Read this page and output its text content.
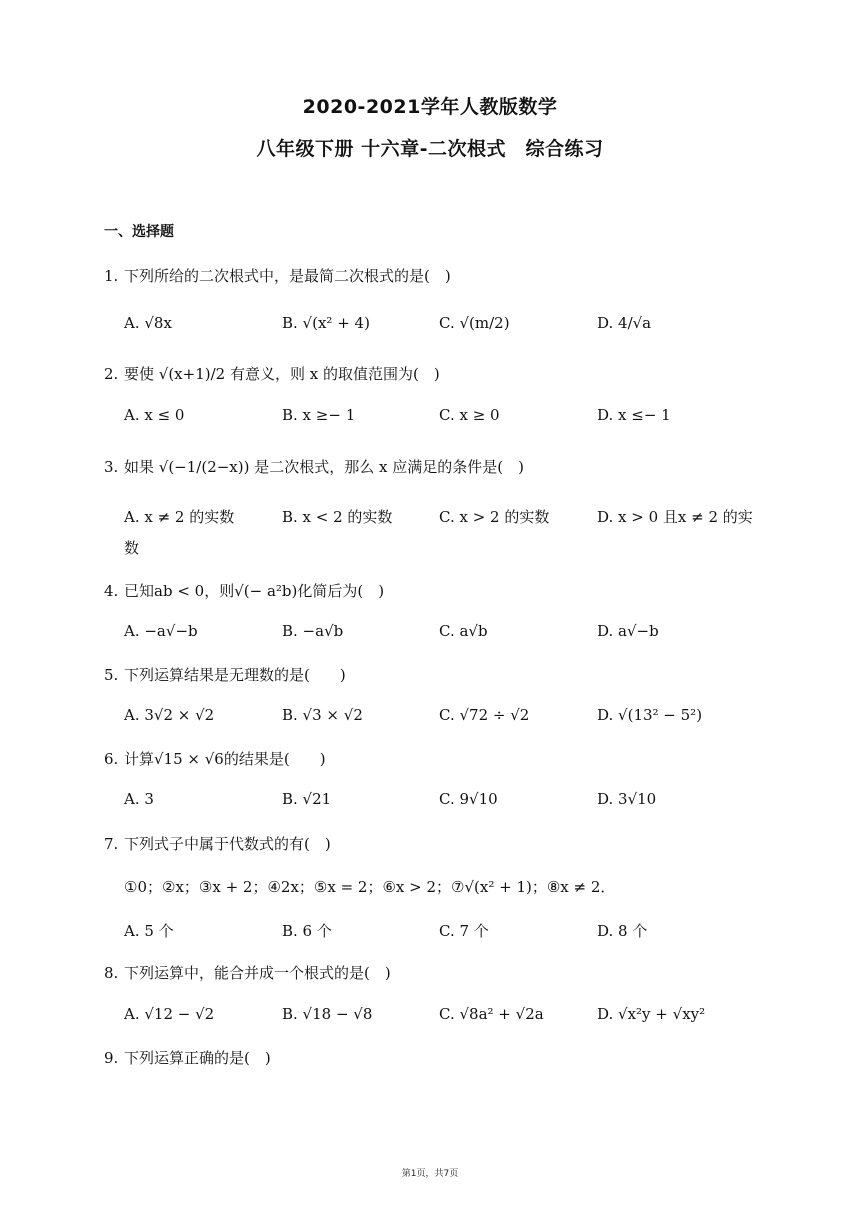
2020-2021学年人教版数学
八年级下册 十六章-二次根式　综合练习
一、选择题
1. 下列所给的二次根式中，是最简二次根式的是(　)
A. √8x	B. √(x² + 4)	C. √(m/2)	D. 4/√a
2. 要使 √(x+1)/2 有意义，则 x 的取值范围为(　)
A. x ≤ 0	B. x ≥− 1	C. x ≥ 0	D. x ≤− 1
3. 如果 √(−1/(2−x)) 是二次根式，那么 x 应满足的条件是(　)
A. x ≠ 2 的实数	B. x < 2 的实数	C. x > 2 的实数	D. x > 0 且x ≠ 2 的实
数
4. 已知ab < 0，则√(− a²b)化简后为(　)
A. −a√−b	B. −a√b	C. a√b	D. a√−b
5. 下列运算结果是无理数的是(　　)
A. 3√2 × √2	B. √3 × √2	C. √72 ÷ √2	D. √(13² − 5²)
6. 计算√15 × √6的结果是(　　)
A. 3	B. √21	C. 9√10	D. 3√10
7. 下列式子中属于代数式的有(　)
①0；②x；③x + 2；④2x；⑤x = 2；⑥x > 2；⑦√(x² + 1)；⑧x ≠ 2．
A. 5 个	B. 6 个	C. 7 个	D. 8 个
8. 下列运算中，能合并成一个根式的是(　)
A. √12 − √2	B. √18 − √8	C. √8a² + √2a	D. √x²y + √xy²
9. 下列运算正确的是(　)
第1页，共7页
